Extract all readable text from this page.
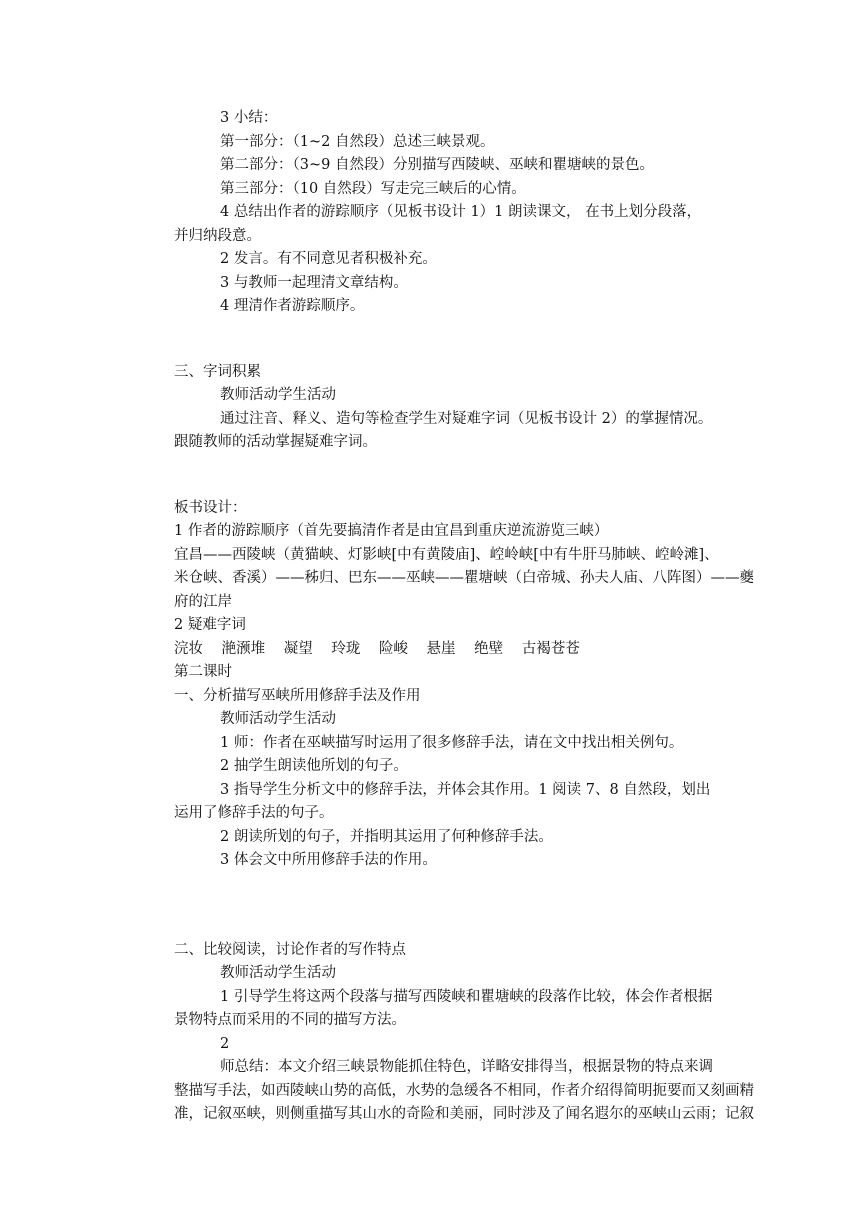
3 小结：
第一部分：（1~2 自然段）总述三峡景观。
第二部分：（3~9 自然段）分别描写西陵峡、巫峡和瞿塘峡的景色。
第三部分：（10 自然段）写走完三峡后的心情。
4 总结出作者的游踪顺序（见板书设计 1）1 朗读课文， 在书上划分段落，
并归纳段意。
2 发言。有不同意见者积极补充。
3 与教师一起理清文章结构。
4 理清作者游踪顺序。
三、字词积累
教师活动学生活动
通过注音、释义、造句等检查学生对疑难字词（见板书设计 2）的掌握情况。
跟随教师的活动掌握疑难字词。
板书设计：
1 作者的游踪顺序（首先要搞清作者是由宜昌到重庆逆流游览三峡）
宜昌——西陵峡（黄猫峡、灯影峡[中有黄陵庙]、崆岭峡[中有牛肝马肺峡、崆岭滩]、
米仓峡、香溪）——秭归、巴东——巫峡——瞿塘峡（白帝城、孙夫人庙、八阵图）——夔
府的江岸
2 疑难字词
浣妆 滟滪堆 凝望 玲珑 险峻 悬崖 绝壁 古褐苍苍
第二课时
一、分析描写巫峡所用修辞手法及作用
教师活动学生活动
1 师：作者在巫峡描写时运用了很多修辞手法，请在文中找出相关例句。
2 抽学生朗读他所划的句子。
3 指导学生分析文中的修辞手法，并体会其作用。1 阅读 7、8 自然段，划出
运用了修辞手法的句子。
2 朗读所划的句子，并指明其运用了何种修辞手法。
3 体会文中所用修辞手法的作用。
二、比较阅读，讨论作者的写作特点
教师活动学生活动
1 引导学生将这两个段落与描写西陵峡和瞿塘峡的段落作比较，体会作者根据
景物特点而采用的不同的描写方法。
2
师总结：本文介绍三峡景物能抓住特色，详略安排得当，根据景物的特点来调
整描写手法，如西陵峡山势的高低，水势的急缓各不相同，作者介绍得简明扼要而又刻画精
准，记叙巫峡，则侧重描写其山水的奇险和美丽，同时涉及了闻名遐尔的巫峡山云雨；记叙
